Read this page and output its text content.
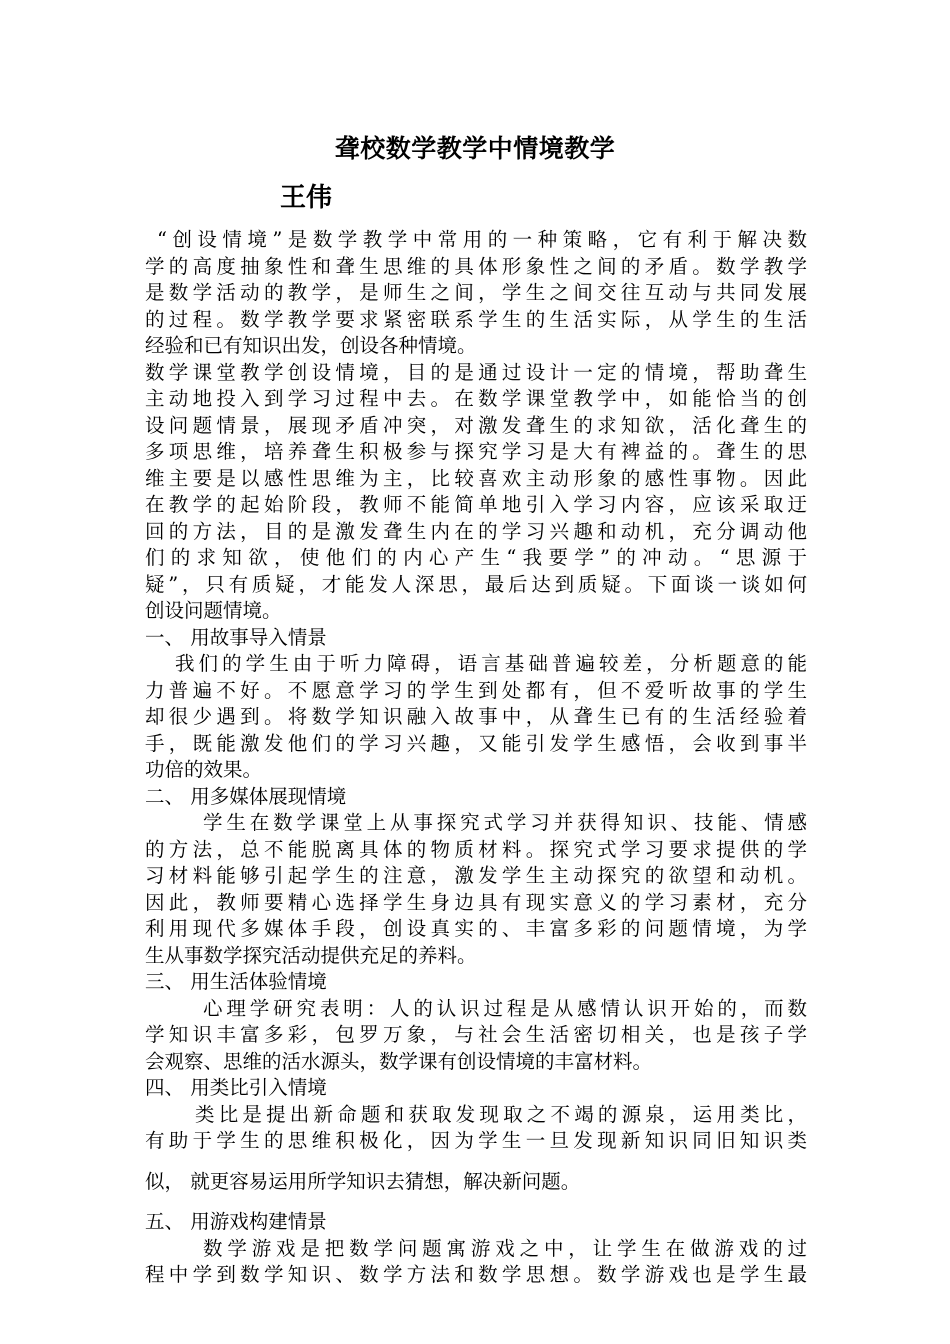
聋校数学教学中情境教学
王伟
“创设情境”是数学教学中常用的一种策略，它有利于解决数
学的高度抽象性和聋生思维的具体形象性之间的矛盾。数学教学
是数学活动的教学，是师生之间，学生之间交往互动与共同发展
的过程。数学教学要求紧密联系学生的生活实际，从学生的生活
经验和已有知识出发，创设各种情境。
数学课堂教学创设情境，目的是通过设计一定的情境，帮助聋生
主动地投入到学习过程中去。在数学课堂教学中，如能恰当的创
设问题情景，展现矛盾冲突，对激发聋生的求知欲，活化聋生的
多项思维，培养聋生积极参与探究学习是大有裨益的。聋生的思
维主要是以感性思维为主，比较喜欢主动形象的感性事物。因此
在教学的起始阶段，教师不能简单地引入学习内容，应该采取迂
回的方法，目的是激发聋生内在的学习兴趣和动机，充分调动他
们的求知欲，使他们的内心产生“我要学”的冲动。“思源于
疑”，只有质疑，才能发人深思，最后达到质疑。下面谈一谈如何
创设问题情境。
一、 用故事导入情景
我们的学生由于听力障碍，语言基础普遍较差，分析题意的能
力普遍不好。不愿意学习的学生到处都有，但不爱听故事的学生
却很少遇到。将数学知识融入故事中，从聋生已有的生活经验着
手，既能激发他们的学习兴趣，又能引发学生感悟，会收到事半
功倍的效果。
二、 用多媒体展现情境
学生在数学课堂上从事探究式学习并获得知识、技能、情感
的方法，总不能脱离具体的物质材料。探究式学习要求提供的学
习材料能够引起学生的注意，激发学生主动探究的欲望和动机。
因此，教师要精心选择学生身边具有现实意义的学习素材，充分
利用现代多媒体手段，创设真实的、丰富多彩的问题情境，为学
生从事数学探究活动提供充足的养料。
三、 用生活体验情境
心理学研究表明：人的认识过程是从感情认识开始的，而数
学知识丰富多彩，包罗万象，与社会生活密切相关，也是孩子学
会观察、思维的活水源头，数学课有创设情境的丰富材料。
四、 用类比引入情境
类比是提出新命题和获取发现取之不竭的源泉，运用类比，
有助于学生的思维积极化，因为学生一旦发现新知识同旧知识类
似， 就更容易运用所学知识去猜想，解决新问题。
五、 用游戏构建情景
数学游戏是把数学问题寓游戏之中，让学生在做游戏的过
程中学到数学知识、数学方法和数学思想。数学游戏也是学生最
